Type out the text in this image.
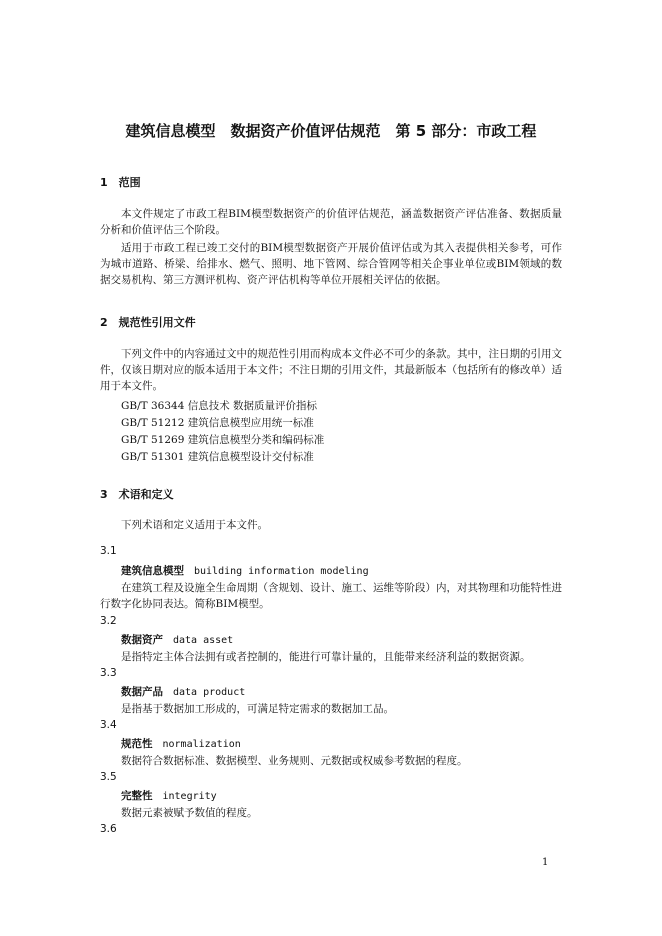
建筑信息模型　数据资产价值评估规范　第 5 部分：市政工程
1　范围
本文件规定了市政工程BIM模型数据资产的价值评估规范，涵盖数据资产评估准备、数据质量分析和价值评估三个阶段。
适用于市政工程已竣工交付的BIM模型数据资产开展价值评估或为其入表提供相关参考，可作为城市道路、桥梁、给排水、燃气、照明、地下管网、综合管网等相关企事业单位或BIM领域的数据交易机构、第三方测评机构、资产评估机构等单位开展相关评估的依据。
2　规范性引用文件
下列文件中的内容通过文中的规范性引用而构成本文件必不可少的条款。其中，注日期的引用文件，仅该日期对应的版本适用于本文件；不注日期的引用文件，其最新版本（包括所有的修改单）适用于本文件。
GB/T 36344 信息技术 数据质量评价指标
GB/T 51212 建筑信息模型应用统一标准
GB/T 51269 建筑信息模型分类和编码标准
GB/T 51301 建筑信息模型设计交付标准
3　术语和定义
下列术语和定义适用于本文件。
3.1
建筑信息模型 building information modeling
在建筑工程及设施全生命周期（含规划、设计、施工、运维等阶段）内，对其物理和功能特性进行数字化协同表达。简称BIM模型。
3.2
数据资产 data asset
是指特定主体合法拥有或者控制的，能进行可靠计量的，且能带来经济利益的数据资源。
3.3
数据产品 data product
是指基于数据加工形成的，可满足特定需求的数据加工品。
3.4
规范性 normalization
数据符合数据标准、数据模型、业务规则、元数据或权威参考数据的程度。
3.5
完整性 integrity
数据元素被赋予数值的程度。
3.6
1
